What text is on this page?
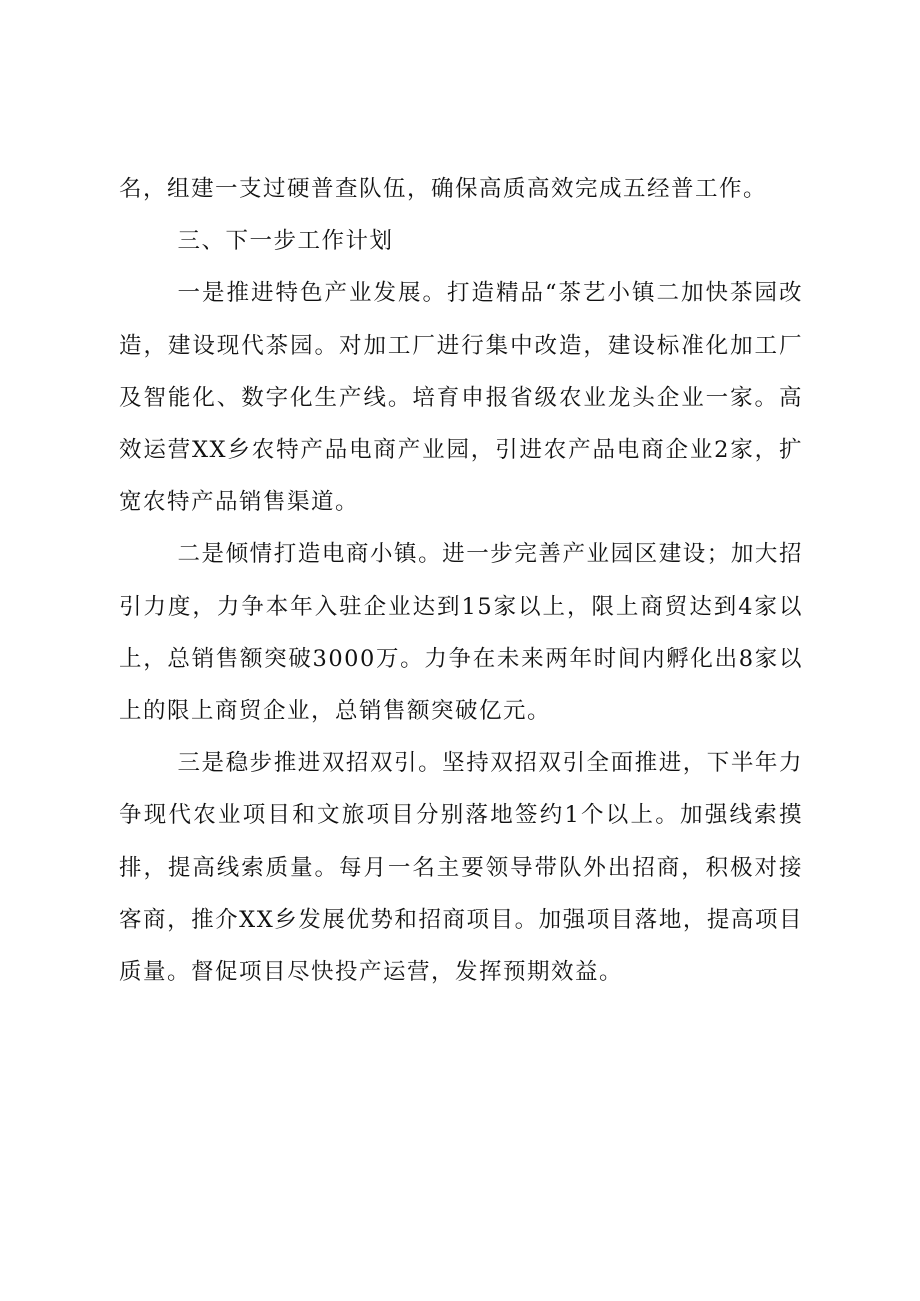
名，组建一支过硬普查队伍，确保高质高效完成五经普工作。

三、下一步工作计划

一是推进特色产业发展。打造精品“茶艺小镇二加快茶园改造，建设现代茶园。对加工厂进行集中改造，建设标准化加工厂及智能化、数字化生产线。培育申报省级农业龙头企业一家。高效运营XX乡农特产品电商产业园，引进农产品电商企业2家，扩宽农特产品销售渠道。

二是倾情打造电商小镇。进一步完善产业园区建设；加大招引力度，力争本年入驻企业达到15家以上，限上商贸达到4家以上，总销售额突破3000万。力争在未来两年时间内孵化出8家以上的限上商贸企业，总销售额突破亿元。

三是稳步推进双招双引。坚持双招双引全面推进，下半年力争现代农业项目和文旅项目分别落地签约1个以上。加强线索摸排，提高线索质量。每月一名主要领导带队外出招商，积极对接客商，推介XX乡发展优势和招商项目。加强项目落地，提高项目质量。督促项目尽快投产运营，发挥预期效益。
